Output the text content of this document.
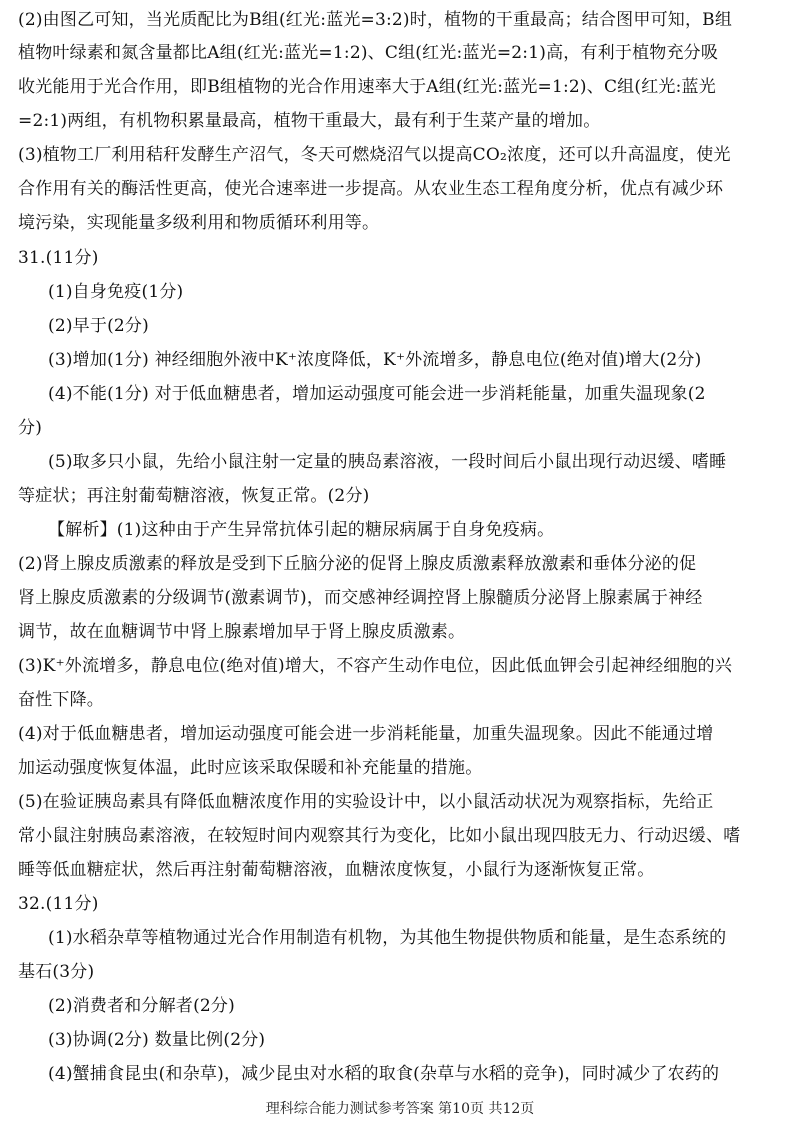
(2)由图乙可知，当光质配比为B组(红光:蓝光=3:2)时，植物的干重最高；结合图甲可知，B组
植物叶绿素和氮含量都比A组(红光:蓝光=1:2)、C组(红光:蓝光=2:1)高，有利于植物充分吸
收光能用于光合作用，即B组植物的光合作用速率大于A组(红光:蓝光=1:2)、C组(红光:蓝光
=2:1)两组，有机物积累量最高，植物干重最大，最有利于生菜产量的增加。
(3)植物工厂利用秸秆发酵生产沼气，冬天可燃烧沼气以提高CO₂浓度，还可以升高温度，使光
合作用有关的酶活性更高，使光合速率进一步提高。从农业生态工程角度分析，优点有减少环
境污染，实现能量多级利用和物质循环利用等。
31.(11分)
(1)自身免疫(1分)
(2)早于(2分)
(3)增加(1分) 神经细胞外液中K⁺浓度降低，K⁺外流增多，静息电位(绝对值)增大(2分)
(4)不能(1分) 对于低血糖患者，增加运动强度可能会进一步消耗能量，加重失温现象(2
分)
(5)取多只小鼠，先给小鼠注射一定量的胰岛素溶液，一段时间后小鼠出现行动迟缓、嗜睡
等症状；再注射葡萄糖溶液，恢复正常。(2分)
【解析】(1)这种由于产生异常抗体引起的糖尿病属于自身免疫病。
(2)肾上腺皮质激素的释放是受到下丘脑分泌的促肾上腺皮质激素释放激素和垂体分泌的促
肾上腺皮质激素的分级调节(激素调节)，而交感神经调控肾上腺髓质分泌肾上腺素属于神经
调节，故在血糖调节中肾上腺素增加早于肾上腺皮质激素。
(3)K⁺外流增多，静息电位(绝对值)增大，不容产生动作电位，因此低血钾会引起神经细胞的兴
奋性下降。
(4)对于低血糖患者，增加运动强度可能会进一步消耗能量，加重失温现象。因此不能通过增
加运动强度恢复体温，此时应该采取保暖和补充能量的措施。
(5)在验证胰岛素具有降低血糖浓度作用的实验设计中，以小鼠活动状况为观察指标，先给正
常小鼠注射胰岛素溶液，在较短时间内观察其行为变化，比如小鼠出现四肢无力、行动迟缓、嗜
睡等低血糖症状，然后再注射葡萄糖溶液，血糖浓度恢复，小鼠行为逐渐恢复正常。
32.(11分)
(1)水稻杂草等植物通过光合作用制造有机物，为其他生物提供物质和能量，是生态系统的
基石(3分)
(2)消费者和分解者(2分)
(3)协调(2分) 数量比例(2分)
(4)蟹捕食昆虫(和杂草)，减少昆虫对水稻的取食(杂草与水稻的竞争)，同时减少了农药的
理科综合能力测试参考答案 第10页 共12页
